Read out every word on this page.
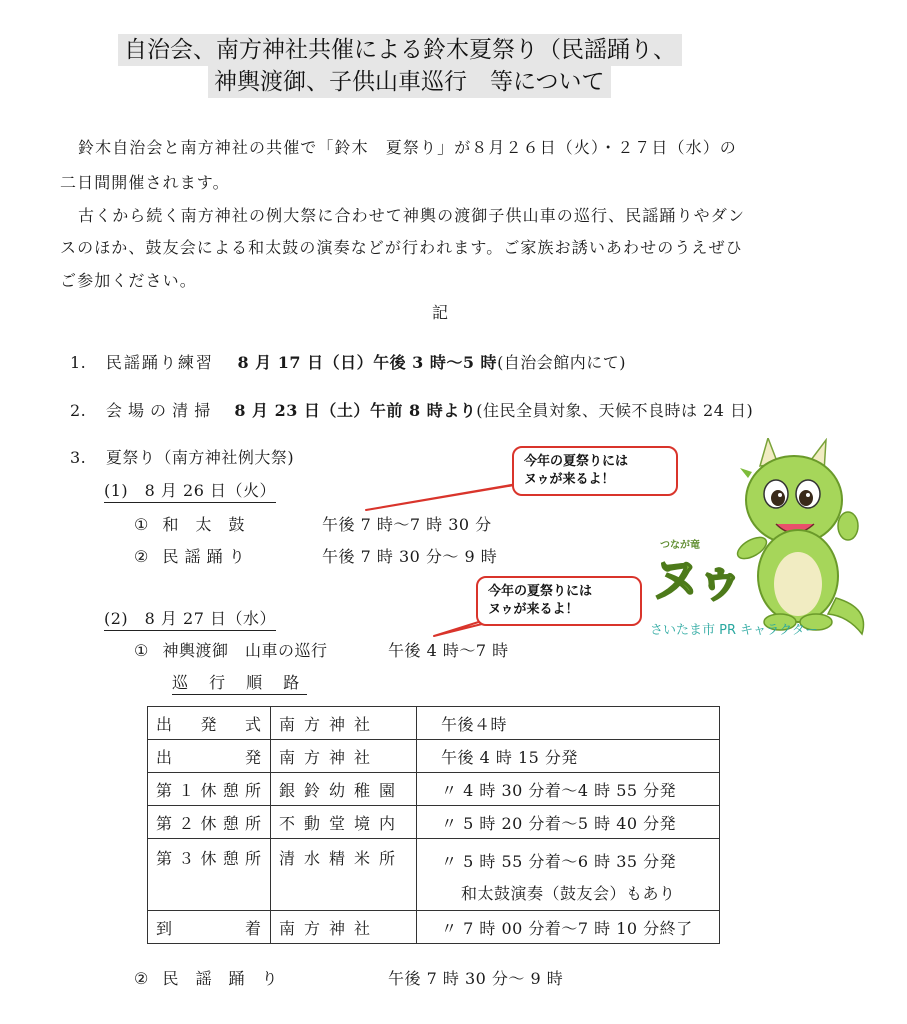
自治会、南方神社共催による鈴木夏祭り（民謡踊り、
神輿渡御、子供山車巡行　等について
鈴木自治会と南方神社の共催で「鈴木　夏祭り」が８月２６日（火）・２７日（水）の
二日間開催されます。
古くから続く南方神社の例大祭に合わせて神輿の渡御子供山車の巡行、民謡踊りやダン
スのほか、鼓友会による和太鼓の演奏などが行われます。ご家族お誘いあわせのうえぜひ
ご参加ください。
記
1. 民謡踊り練習 8 月 17 日（日）午後 3 時〜5 時(自治会館内にて)
2. 会 場 の 清 掃 8 月 23 日（土）午前 8 時より(住民全員対象、天候不良時は 24 日)
3. 夏祭り（南方神社例大祭)
(1)　8 月 26 日（火）
① 和　太　鼓	午後 7 時〜7 時 30 分
② 民 謡 踊 り	午後 7 時 30 分〜 9 時
(2)　8 月 27 日（水）
① 神輿渡御　山車の巡行	午後 4 時〜7 時
巡 行 順 路
出　発　式	南方神社	午後４時
出　　　発	南方神社	午後 4 時 15 分発
第１休憩所	銀鈴幼稚園	〃 4 時 30 分着〜4 時 55 分発
第２休憩所	不動堂境内	〃 5 時 20 分着〜5 時 40 分発
第３休憩所	清水精米所	〃 5 時 55 分着〜6 時 35 分発
和太鼓演奏（鼓友会）もあり

到　　　着	南方神社	〃 7 時 00 分着〜7 時 10 分終了
② 民　謡　踊　り	午後 7 時 30 分〜 9 時
今年の夏祭りには
ヌゥが来るよ！
今年の夏祭りには
ヌゥが来るよ！
つなが竜
ヌゥ
さいたま市 PR キャラクター
